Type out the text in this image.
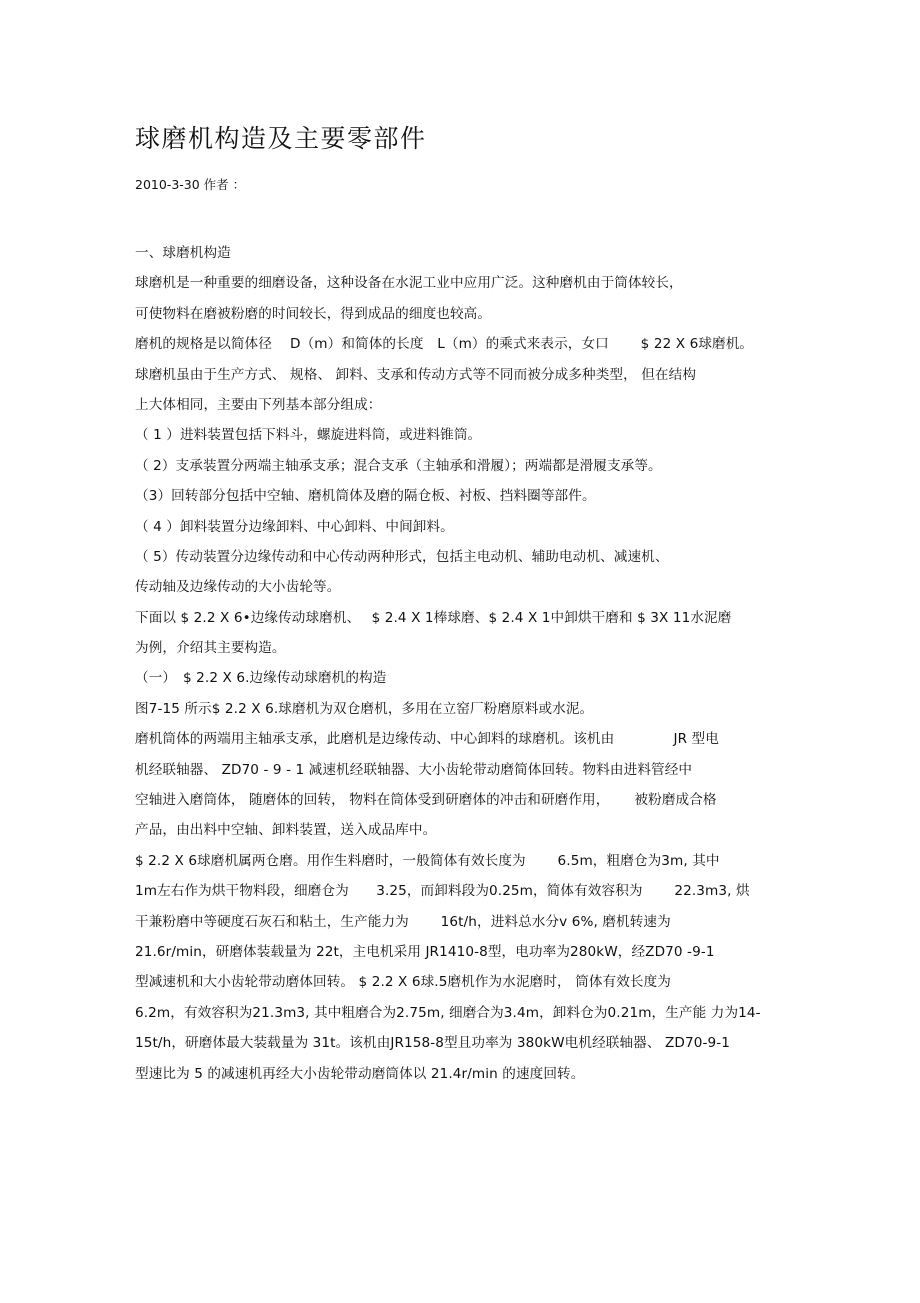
球磨机构造及主要零部件
2010-3-30 作者 ：
一、球磨机构造
球磨机是一种重要的细磨设备，这种设备在水泥工业中应用广泛。这种磨机由于筒体较长，
可使物料在磨被粉磨的时间较长，得到成品的细度也较高。
磨机的规格是以简体径　 D（m）和简体的长度　L（m）的乘式来表示，女口　　 $ 22 X 6球磨机。
球磨机虽由于生产方式、 规格、 卸料、支承和传动方式等不同而被分成多种类型， 但在结构
上大体相同，主要由下列基本部分组成：
（ 1 ）进料装置包括下料斗，螺旋进料筒，或进料锥筒。
（ 2）支承装置分两端主轴承支承；混合支承（主轴承和滑履）；两端都是滑履支承等。
（3）回转部分包括中空轴、磨机筒体及磨的隔仓板、衬板、挡料圈等部件。
（ 4 ）卸料装置分边缘卸料、中心卸料、中间卸料。
（ 5）传动装置分边缘传动和中心传动两种形式，包括主电动机、辅助电动机、减速机、
传动轴及边缘传动的大小齿轮等。
下面以 $ 2.2 X 6•边缘传动球磨机、　 $ 2.4 X 1棒球磨、$ 2.4 X 1中卸烘干磨和 $ 3X 11水泥磨
为例，介绍其主要构造。
（一）　$ 2.2 X 6.边缘传动球磨机的构造
图7-15 所示$ 2.2 X 6.球磨机为双仓磨机，多用在立窑厂粉磨原料或水泥。
磨机筒体的两端用主轴承支承，此磨机是边缘传动、中心卸料的球磨机。该机由　　　　 JR 型电
机经联轴器、 ZD70 - 9 - 1 减速机经联轴器、大小齿轮带动磨简体回转。物料由进料管经中
空轴进入磨筒体， 随磨体的回转， 物料在筒体受到研磨体的冲击和研磨作用，　　 被粉磨成合格
产品，由出料中空轴、卸料装置，送入成品库中。
$ 2.2 X 6球磨机属两仓磨。用作生料磨时，一般简体有效长度为　　 6.5m，粗磨仓为3m, 其中
1m左右作为烘干物料段，细磨仓为　　3.25，而卸料段为0.25m，简体有效容积为　　 22.3m3, 烘
干兼粉磨中等硬度石灰石和粘土，生产能力为　　 16t/h，进料总水分v 6%, 磨机转速为
21.6r/min，研磨体装载量为 22t，主电机采用 JR1410-8型，电功率为280kW，经ZD70 -9-1
型减速机和大小齿轮带动磨体回转。 $ 2.2 X 6球.5磨机作为水泥磨时， 筒体有效长度为
6.2m，有效容积为21.3m3, 其中粗磨合为2.75m, 细磨合为3.4m，卸料仓为0.21m，生产能 力为14-
15t/h，研磨体最大装载量为 31t。该机由JR158-8型且功率为 380kW电机经联轴器、 ZD70-9-1
型速比为 5 的减速机再经大小齿轮带动磨筒体以 21.4r/min 的速度回转。
